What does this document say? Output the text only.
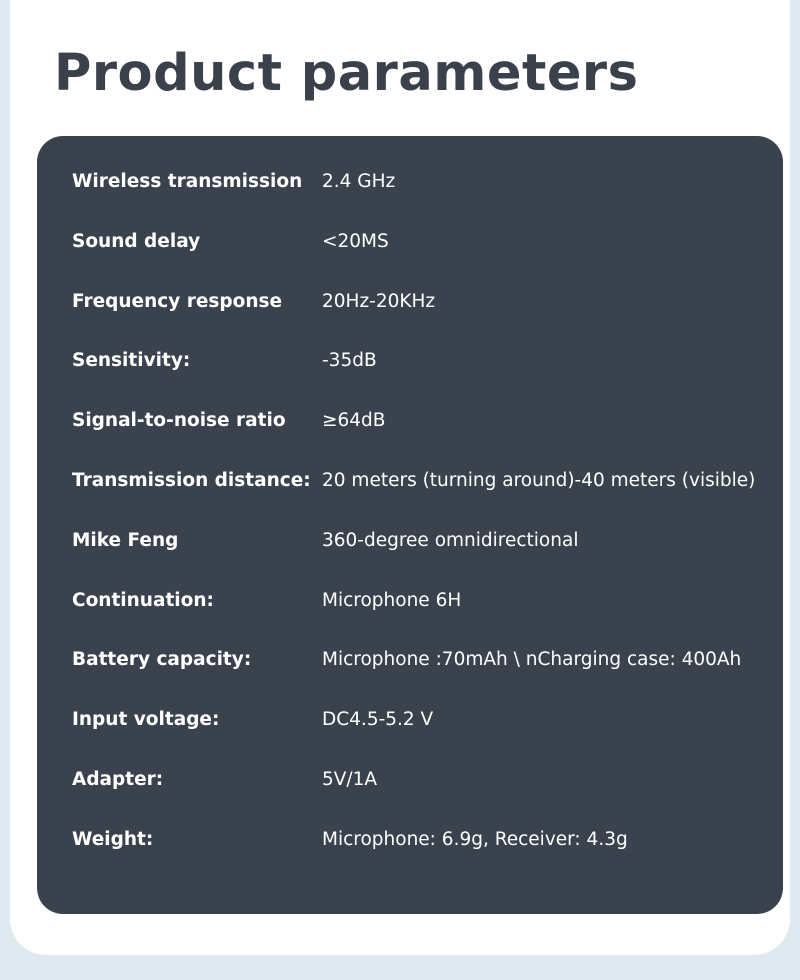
Product parameters
Wireless transmission 2.4 GHz
Sound delay	<20MS
Frequency response 20Hz-20KHz
Sensitivity:	-35dB
Signal-to-noise ratio ≥64dB
Transmission distance: 20 meters (turning around)-40 meters (visible)
Mike Feng	360-degree omnidirectional
Continuation:	Microphone 6H
Battery capacity:	Microphone :70mAh \ nCharging case: 400Ah
Input voltage:	DC4.5-5.2 V
Adapter:	5V/1A
Weight:	Microphone: 6.9g, Receiver: 4.3g
